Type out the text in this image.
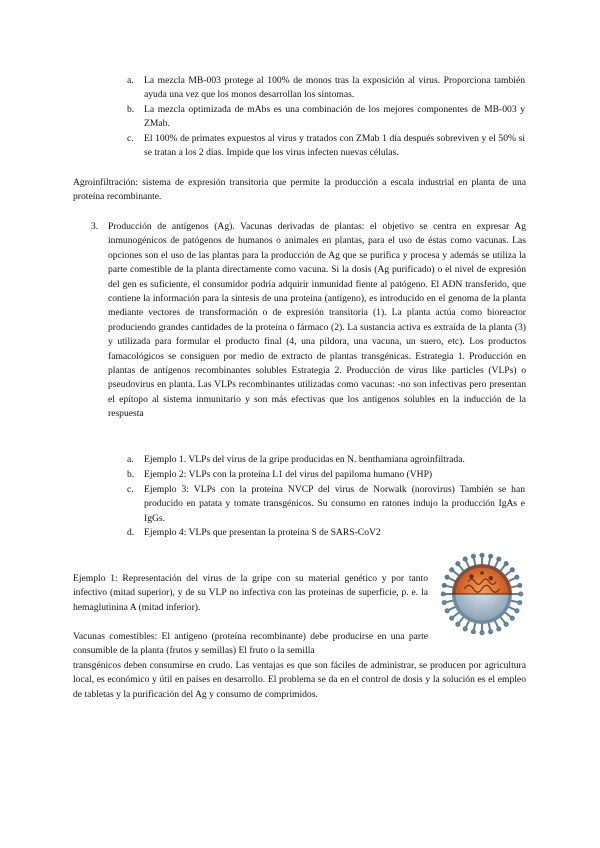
a.	La mezcla MB-003 protege al 100% de monos tras la exposición al virus. Proporciona también ayuda una vez que los monos desarrollan los síntomas.

b.	La mezcla optimizada de mAbs es una combinación de los mejores componentes de MB-003 y ZMab.

c.	El 100% de primates expuestos al virus y tratados con ZMab 1 día después sobreviven y el 50% si se tratan a los 2 días. Impide que los virus infecten nuevas células.

Agroinfiltración: sistema de expresión transitoria que permite la producción a escala industrial en planta de una proteína recombinante.

3.	Producción de antígenos (Ag). Vacunas derivadas de plantas: el objetivo se centra en expresar Ag inmunogénicos de patógenos de humanos o animales en plantas, para el uso de éstas como vacunas. Las opciones son el uso de las plantas para la producción de Ag que se purifica y procesa y además se utiliza la parte comestible de la planta directamente como vacuna. Si la dosis (Ag purificado) o el nivel de expresión del gen es suficiente, el consumidor podría adquirir inmunidad fiente al patógeno. El ADN transferido, que contiene la información para la síntesis de una proteína (antígeno), es introducido en el genoma de la planta mediante vectores de transformación o de expresión transitoria (1). La planta actúa como bioreactor produciendo grandes cantidades de la proteína o fármaco (2). La sustancia activa es extraída de la planta (3) y utilizada para formular el producto final (4, una píldora, una vacuna, un suero, etc). Los productos famacológicos se consiguen por medio de extracto de plantas transgénicas. Estrategia 1. Producción en plantas de antígenos recombinantes solubles Estrategia 2. Producción de virus like particles (VLPs) o pseudovirus en planta. Las VLPs recombinantes utilizadas como vacunas: -no son infectivas pero presentan el epítopo al sistema inmunitario y son más efectivas que los antígenos solubles en la inducción de la respuesta

a.	Ejemplo 1. VLPs del virus de la gripe producidas en N. benthamiana agroinfiltrada.

b.	Ejemplo 2: VLPs con la proteína L1 del virus del papiloma humano (VHP)

c.	Ejemplo 3: VLPs con la proteína NVCP del virus de Norwalk (norovirus) También se han producido en patata y tomate transgénicos. Su consumo en ratones indujo la producción IgAs e IgGs.

d.	Ejemplo 4: VLPs que presentan la proteína S de SARS-CoV2

Ejemplo 1: Representación del virus de la gripe con su material genético y por tanto infectivo (mitad superior), y de su VLP no infectiva con las proteínas de superficie, p. e. la hemaglutinina A (mitad inferior).

Vacunas comestibles: El antígeno (proteína recombinante) debe producirse en una parte consumible de la planta (frutos y semillas) El fruto o la semilla

transgénicos deben consumirse en crudo. Las ventajas es que son fáciles de administrar, se producen por agricultura local, es económico y útil en países en desarrollo. El problema se da en el control de dosis y la solución es el empleo de tabletas y la purificación del Ag y consumo de comprimidos.
